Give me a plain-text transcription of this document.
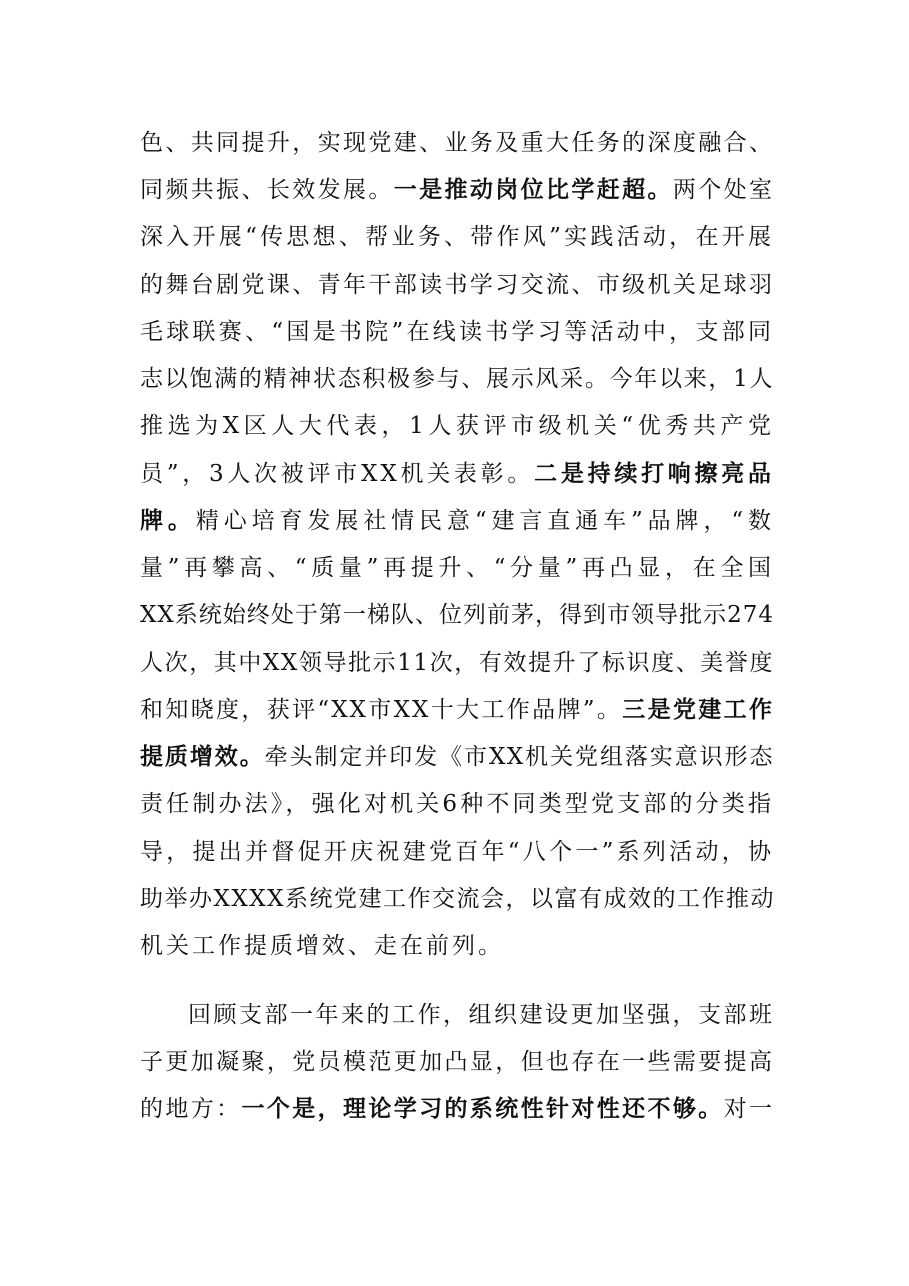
色、共同提升，实现党建、业务及重大任务的深度融合、
同频共振、长效发展。一是推动岗位比学赶超。两个处室
深入开展“传思想、帮业务、带作风”实践活动，在开展
的舞台剧党课、青年干部读书学习交流、市级机关足球羽
毛球联赛、“国是书院”在线读书学习等活动中，支部同
志以饱满的精神状态积极参与、展示风采。今年以来，1人
推选为X区人大代表，1人获评市级机关“优秀共产党
员”，3人次被评市XX机关表彰。二是持续打响擦亮品
牌。精心培育发展社情民意“建言直通车”品牌，“数
量”再攀高、“质量”再提升、“分量”再凸显，在全国
XX系统始终处于第一梯队、位列前茅，得到市领导批示274
人次，其中XX领导批示11次，有效提升了标识度、美誉度
和知晓度，获评“XX市XX十大工作品牌”。三是党建工作
提质增效。牵头制定并印发《市XX机关党组落实意识形态
责任制办法》，强化对机关6种不同类型党支部的分类指
导，提出并督促开庆祝建党百年“八个一”系列活动，协
助举办XXXX系统党建工作交流会，以富有成效的工作推动
机关工作提质增效、走在前列。
回顾支部一年来的工作，组织建设更加坚强，支部班
子更加凝聚，党员模范更加凸显，但也存在一些需要提高
的地方：一个是，理论学习的系统性针对性还不够。对一
